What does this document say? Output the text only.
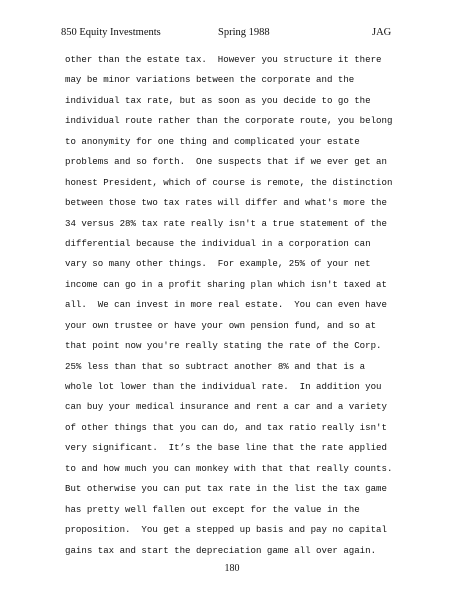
850 Equity Investments	Spring 1988	JAG
other than the estate tax.  However you structure it there
may be minor variations between the corporate and the
individual tax rate, but as soon as you decide to go the
individual route rather than the corporate route, you belong
to anonymity for one thing and complicated your estate
problems and so forth.  One suspects that if we ever get an
honest President, which of course is remote, the distinction
between those two tax rates will differ and what's more the
34 versus 28% tax rate really isn't a true statement of the
differential because the individual in a corporation can
vary so many other things.  For example, 25% of your net
income can go in a profit sharing plan which isn't taxed at
all.  We can invest in more real estate.  You can even have
your own trustee or have your own pension fund, and so at
that point now you're really stating the rate of the Corp.
25% less than that so subtract another 8% and that is a
whole lot lower than the individual rate.  In addition you
can buy your medical insurance and rent a car and a variety
of other things that you can do, and tax ratio really isn't
very significant.  It’s the base line that the rate applied
to and how much you can monkey with that that really counts.
But otherwise you can put tax rate in the list the tax game
has pretty well fallen out except for the value in the
proposition.  You get a stepped up basis and pay no capital
gains tax and start the depreciation game all over again.
180
